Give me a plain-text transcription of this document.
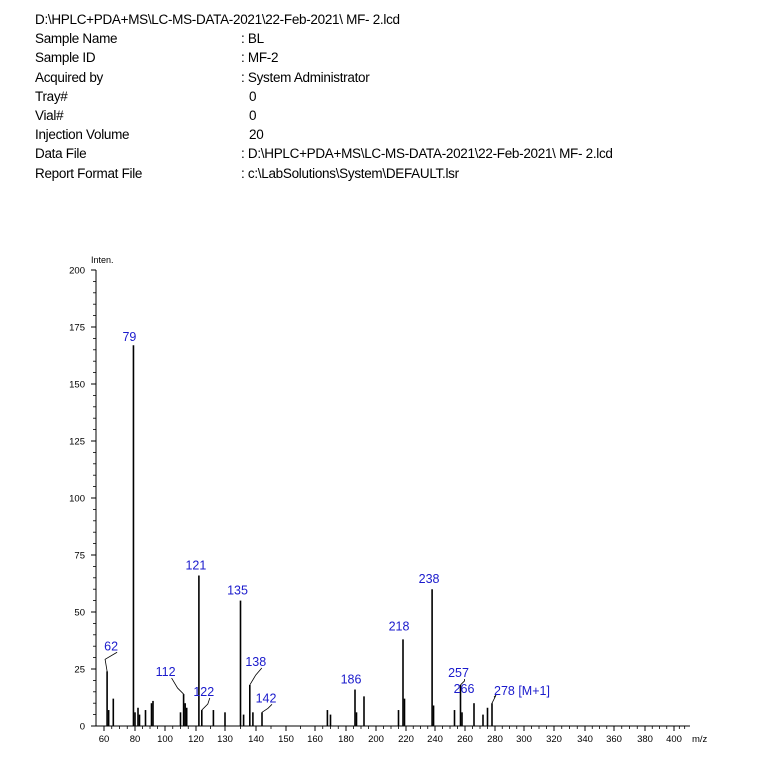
D:\HPLC+PDA+MS\LC-MS-DATA-2021\22-Feb-2021\ MF- 2.lcd
Sample Name	: BL
Sample ID	: MF-2
Acquired by	: System Administrator
Tray#	0
Vial#	0
Injection Volume	20
Data File	: D:\HPLC+PDA+MS\LC-MS-DATA-2021\22-Feb-2021\ MF- 2.lcd
Report Format File	: c:\LabSolutions\System\DEFAULT.lsr
0
25
50
75
100
125
150
175
200
60 80 100 120 130 140 150 160 180 200 220 240 260 280 300 320 340 360 380 400
Inten.
m/z
62
79
112
121
122
135
138
142
186
218
238
257
266 278 [M+1]
